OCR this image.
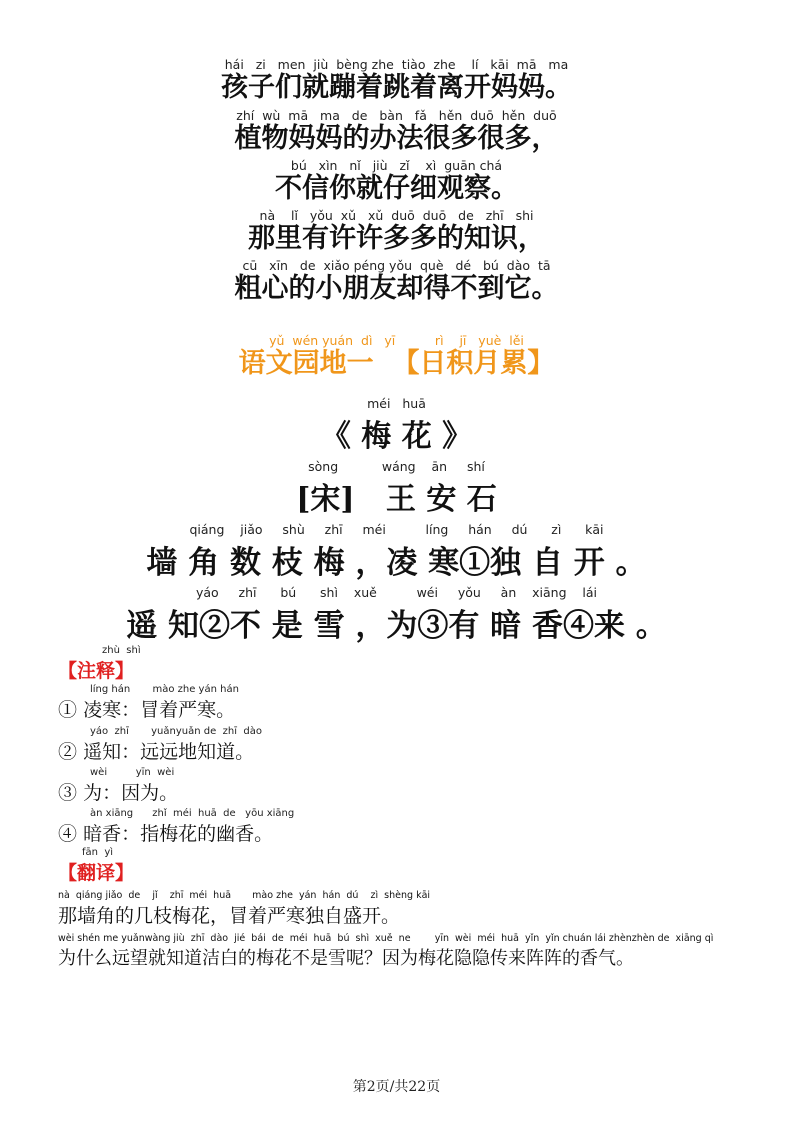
hái   zi   men  jiù  bèng zhe  tiào  zhe    lí   kāi  mā   ma
孩子们就蹦着跳着离开妈妈。
zhí  wù  mā   ma   de   bàn   fǎ   hěn  duō  hěn  duō
植物妈妈的办法很多很多，
bú   xìn   nǐ   jiù   zǐ    xì  guān chá
不信你就仔细观察。
nà    lǐ   yǒu  xǔ   xǔ  duō  duō   de   zhī   shi
那里有许许多多的知识，
cū   xīn   de  xiǎo péng yǒu  què   dé   bú  dào  tā
粗心的小朋友却得不到它。
yǔ  wén yuán  dì   yī          rì    jī   yuè  lěi
语文园地一  【日积月累】
méi   huā
《 梅 花 》
sòng           wáng    ān     shí
[宋]   王 安 石
qiáng    jiǎo     shù     zhī     méi          líng     hán     dú      zì      kāi
墙 角 数 枝 梅 ，凌 寒①独 自 开 。
yáo     zhī      bú      shì    xuě          wéi     yǒu     àn    xiāng    lái
遥 知②不 是 雪 ，为③有 暗 香④来 。
zhù  shì
【注释】
líng hán       mào zhe yán hán
① 凌寒：冒着严寒。
yáo  zhī       yuǎnyuǎn de  zhī  dào
② 遥知：远远地知道。
wèi         yīn  wèi
③ 为：因为。
àn xiāng      zhǐ  méi  huā  de   yōu xiāng
④ 暗香：指梅花的幽香。
fān  yì
【翻译】
nà  qiáng jiǎo  de    jǐ    zhī  méi  huā       mào zhe  yán  hán  dú    zì  shèng kāi
那墙角的几枝梅花，冒着严寒独自盛开。
wèi shén me yuǎnwàng jiù  zhī  dào  jié  bái  de  méi  huā  bú  shì  xuě  ne        yīn  wèi  méi  huā  yǐn  yǐn chuán lái zhènzhèn de  xiāng qì
为什么远望就知道洁白的梅花不是雪呢？因为梅花隐隐传来阵阵的香气。
第2页/共22页
